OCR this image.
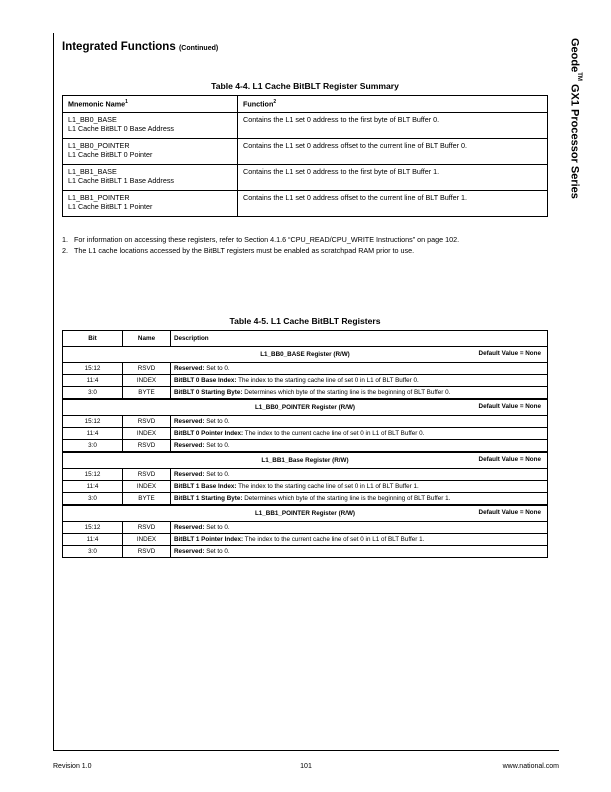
Geode™ GX1 Processor Series
Integrated Functions (Continued)
Table 4-4. L1 Cache BitBLT Register Summary
Mnemonic Name$^1$	Function$^2$
L1_BB0_BASE
L1 Cache BitBLT 0 Base Address	Contains the L1 set 0 address to the first byte of BLT Buffer 0.
L1_BB0_POINTER
L1 Cache BitBLT 0 Pointer	Contains the L1 set 0 address offset to the current line of BLT Buffer 0.
L1_BB1_BASE
L1 Cache BitBLT 1 Base Address	Contains the L1 set 0 address to the first byte of BLT Buffer 1.
L1_BB1_POINTER
L1 Cache BitBLT 1 Pointer	Contains the L1 set 0 address offset to the current line of BLT Buffer 1.
1. For information on accessing these registers, refer to Section 4.1.6 “CPU_READ/CPU_WRITE Instructions” on page 102.
2. The L1 cache locations accessed by the BitBLT registers must be enabled as scratchpad RAM prior to use.
Table 4-5. L1 Cache BitBLT Registers
Bit	Name	Description
L1_BB0_BASE Register (R/W) Default Value = None		

15:12	RSVD	Reserved: Set to 0.
11:4	INDEX	BitBLT 0 Base Index: The index to the starting cache line of set 0 in L1 of BLT Buffer 0.
3:0	BYTE	BitBLT 0 Starting Byte: Determines which byte of the starting line is the beginning of BLT Buffer 0.
L1_BB0_POINTER Register (R/W) Default Value = None		

15:12	RSVD	Reserved: Set to 0.
11:4	INDEX	BitBLT 0 Pointer Index: The index to the current cache line of set 0 in L1 of BLT Buffer 0.
3:0	RSVD	Reserved: Set to 0.
L1_BB1_Base Register (R/W) Default Value = None		

15:12	RSVD	Reserved: Set to 0.
11:4	INDEX	BitBLT 1 Base Index: The index to the starting cache line of set 0 in L1 of BLT Buffer 1.
3:0	BYTE	BitBLT 1 Starting Byte: Determines which byte of the starting line is the beginning of BLT Buffer 1.
L1_BB1_POINTER Register (R/W) Default Value = None		

15:12	RSVD	Reserved: Set to 0.
11:4	INDEX	BitBLT 1 Pointer Index: The index to the current cache line of set 0 in L1 of BLT Buffer 1.
3:0	RSVD	Reserved: Set to 0.
Revision 1.0	101	www.national.com
